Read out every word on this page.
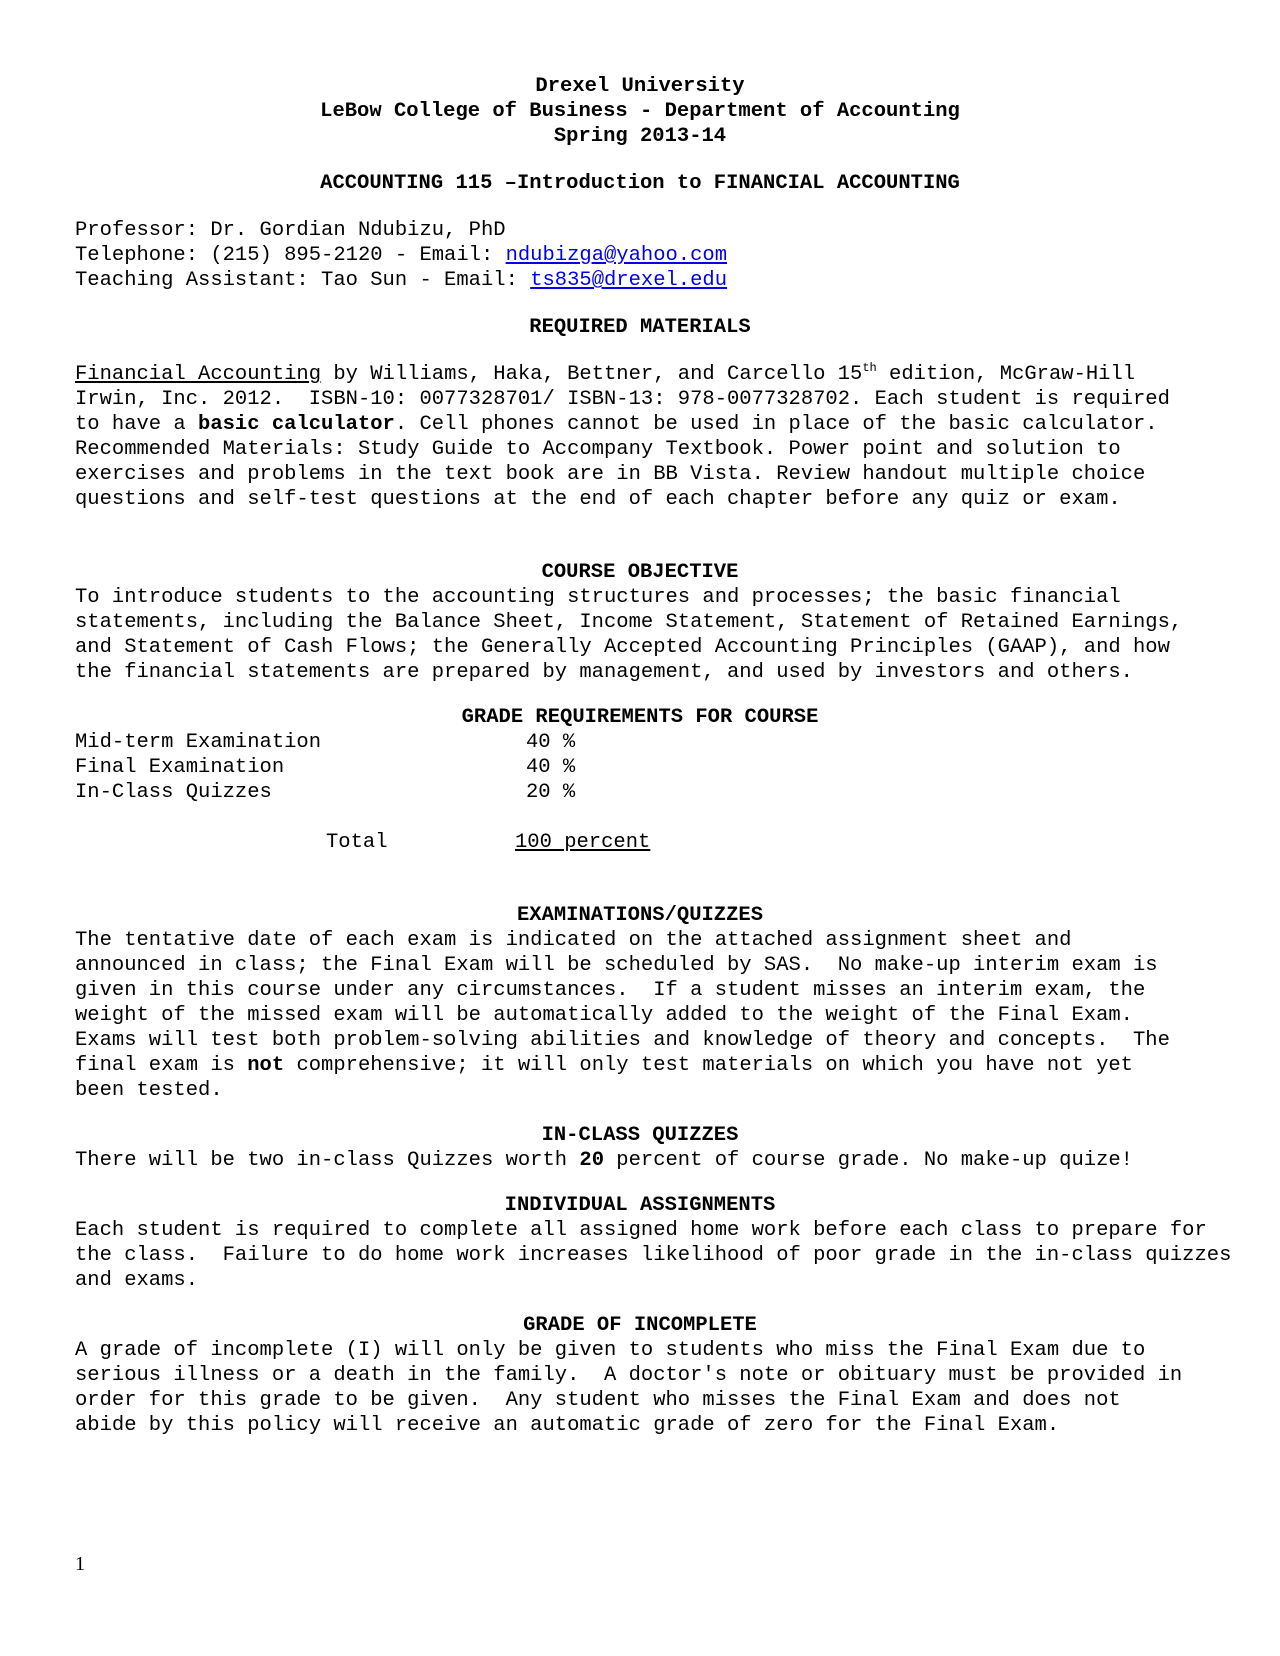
Drexel University
LeBow College of Business - Department of Accounting
Spring 2013-14
ACCOUNTING 115 –Introduction to FINANCIAL ACCOUNTING
Professor: Dr. Gordian Ndubizu, PhD
Telephone: (215) 895-2120 - Email: ndubizga@yahoo.com
Teaching Assistant: Tao Sun - Email: ts835@drexel.edu
REQUIRED MATERIALS
Financial Accounting by Williams, Haka, Bettner, and Carcello 15th edition, McGraw-Hill
Irwin, Inc. 2012.  ISBN-10: 0077328701/ ISBN-13: 978-0077328702. Each student is required
to have a basic calculator. Cell phones cannot be used in place of the basic calculator.
Recommended Materials: Study Guide to Accompany Textbook. Power point and solution to
exercises and problems in the text book are in BB Vista. Review handout multiple choice
questions and self-test questions at the end of each chapter before any quiz or exam.
COURSE OBJECTIVE
To introduce students to the accounting structures and processes; the basic financial
statements, including the Balance Sheet, Income Statement, Statement of Retained Earnings,
and Statement of Cash Flows; the Generally Accepted Accounting Principles (GAAP), and how
the financial statements are prepared by management, and used by investors and others.
GRADE REQUIREMENTS FOR COURSE
Mid-term Examination	40 %
Final Examination	40 %
In-Class Quizzes	20 %
Total	100 percent
EXAMINATIONS/QUIZZES
The tentative date of each exam is indicated on the attached assignment sheet and
announced in class; the Final Exam will be scheduled by SAS.  No make-up interim exam is
given in this course under any circumstances.  If a student misses an interim exam, the
weight of the missed exam will be automatically added to the weight of the Final Exam.
Exams will test both problem-solving abilities and knowledge of theory and concepts.  The
final exam is not comprehensive; it will only test materials on which you have not yet
been tested.
IN-CLASS QUIZZES
There will be two in-class Quizzes worth 20 percent of course grade. No make-up quize!
INDIVIDUAL ASSIGNMENTS
Each student is required to complete all assigned home work before each class to prepare for
the class.  Failure to do home work increases likelihood of poor grade in the in-class quizzes
and exams.
GRADE OF INCOMPLETE
A grade of incomplete (I) will only be given to students who miss the Final Exam due to
serious illness or a death in the family.  A doctor's note or obituary must be provided in
order for this grade to be given.  Any student who misses the Final Exam and does not
abide by this policy will receive an automatic grade of zero for the Final Exam.
1
